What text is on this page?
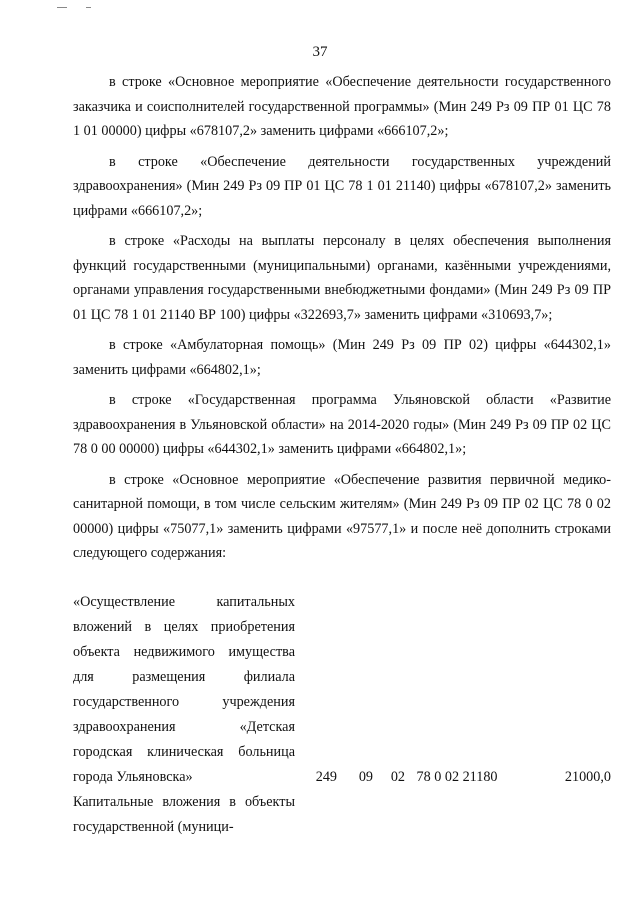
37

в строке «Основное мероприятие «Обеспечение деятельности государственного заказчика и соисполнителей государственной программы» (Мин 249 Рз 09 ПР 01 ЦС 78 1 01 00000) цифры «678107,2» заменить цифрами «666107,2»;

в строке «Обеспечение деятельности государственных учреждений здравоохранения» (Мин 249 Рз 09 ПР 01 ЦС 78 1 01 21140) цифры «678107,2» заменить цифрами «666107,2»;

в строке «Расходы на выплаты персоналу в целях обеспечения выполнения функций государственными (муниципальными) органами, казёнными учреждениями, органами управления государственными внебюджетными фондами» (Мин 249 Рз 09 ПР 01 ЦС 78 1 01 21140 ВР 100) цифры «322693,7» заменить цифрами «310693,7»;

в строке «Амбулаторная помощь» (Мин 249 Рз 09 ПР 02) цифры «644302,1» заменить цифрами «664802,1»;

в строке «Государственная программа Ульяновской области «Развитие здравоохранения в Ульяновской области» на 2014-2020 годы» (Мин 249 Рз 09 ПР 02 ЦС 78 0 00 00000) цифры «644302,1» заменить цифрами «664802,1»;

в строке «Основное мероприятие «Обеспечение развития первичной медико-санитарной помощи, в том числе сельским жителям» (Мин 249 Рз 09 ПР 02 ЦС 78 0 02 00000) цифры «75077,1» заменить цифрами «97577,1» и после неё дополнить строками следующего содержания:

«Осуществление капитальных вложений в целях приобретения объекта недвижимого имущества для размещения филиала государственного учреждения здравоохранения «Детская городская клиническая больница города Ульяновска»	249	09	02 78 0 02 21180	21000,0
Капитальные вложения в объекты государственной (муници-
